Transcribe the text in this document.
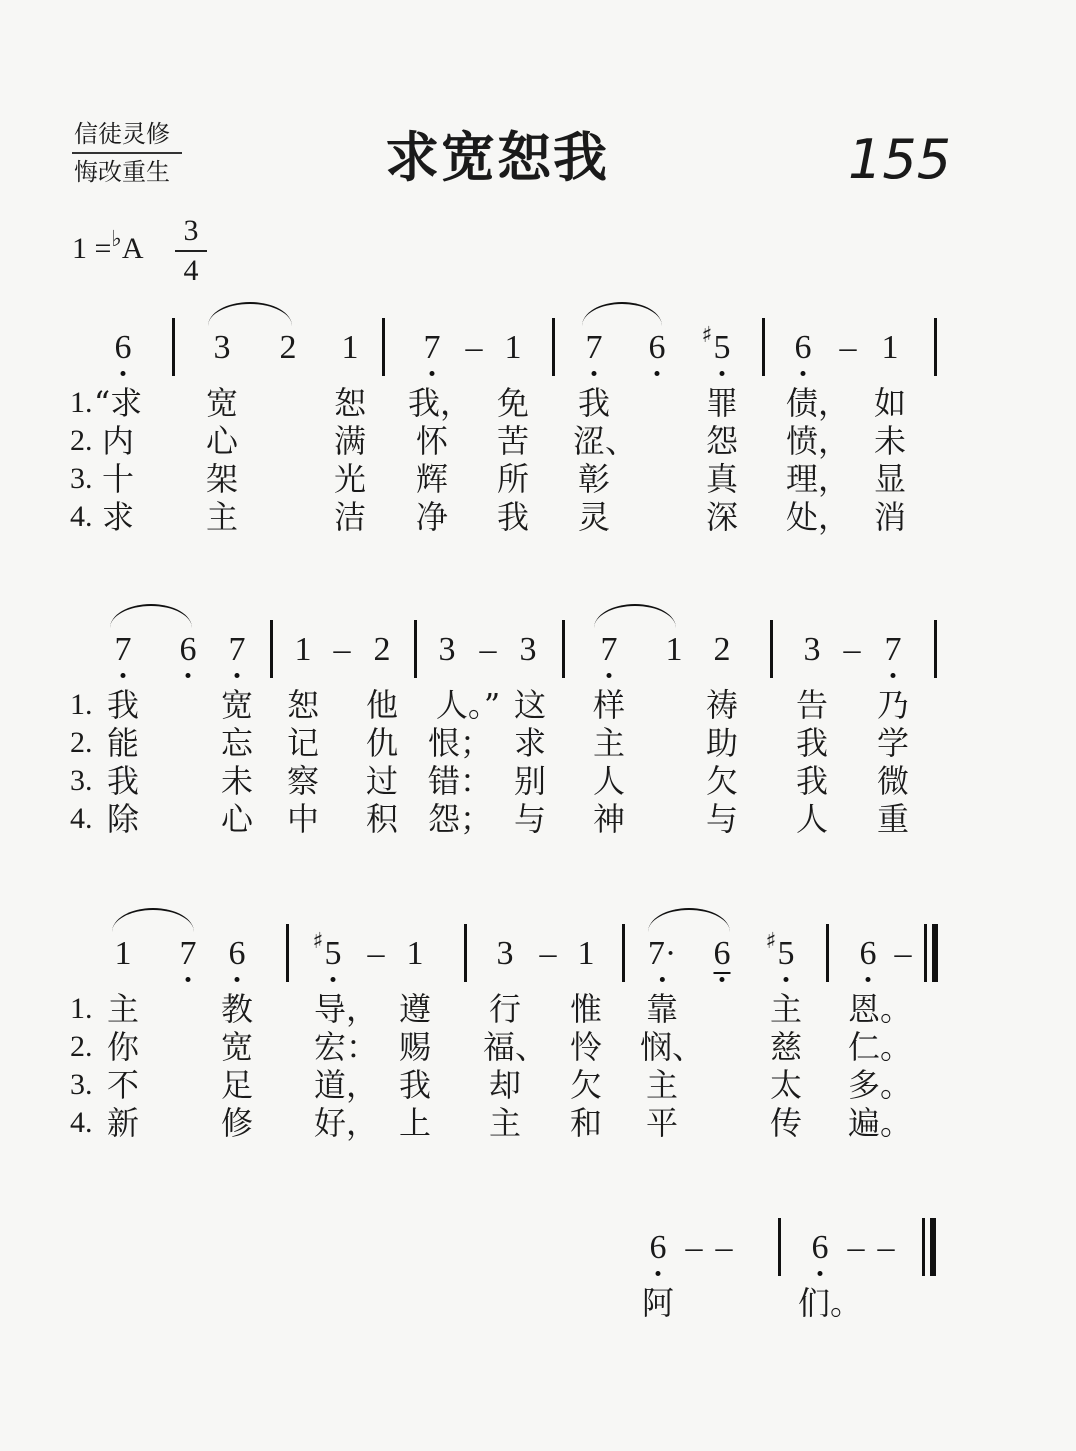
信徒灵修
悔改重生	求宽恕我	155
1 =♭A
3
4
6 3 2 1 7 – 1 7 6 ♯ 5 6 – 1
1.
2.
3.
4.
“求 宽	恕 我， 免 我	罪 债， 如
内 心	满 怀 苦 涩、 怨 愤， 未
十 架	光 辉 所 彰	真 理， 显
求 主	洁 净 我 灵	深 处， 消
7 6 7 1 – 2 3 – 3 7 1 2 3 – 7
1.
2.
3.
4.
我	宽 恕 他 人。” 这 样	祷 告 乃
能	忘 记 仇 恨； 求 主	助 我 学
我	未 察 过 错： 别 人	欠 我 微
除	心 中 积 怨； 与 神	与 人 重
1 7 6	♯ 5 – 1 3 – 1 7· 6 ♯ 5 6 –
1.
2.
3.
4.
主	教 导， 遵 行 惟 靠	主 恩。
你	宽 宏： 赐 福、 怜 悯、 慈 仁。
不	足 道， 我 却 欠 主	太 多。
新	修 好， 上 主 和 平	传 遍。
6 – – 6 – –
阿	们。
